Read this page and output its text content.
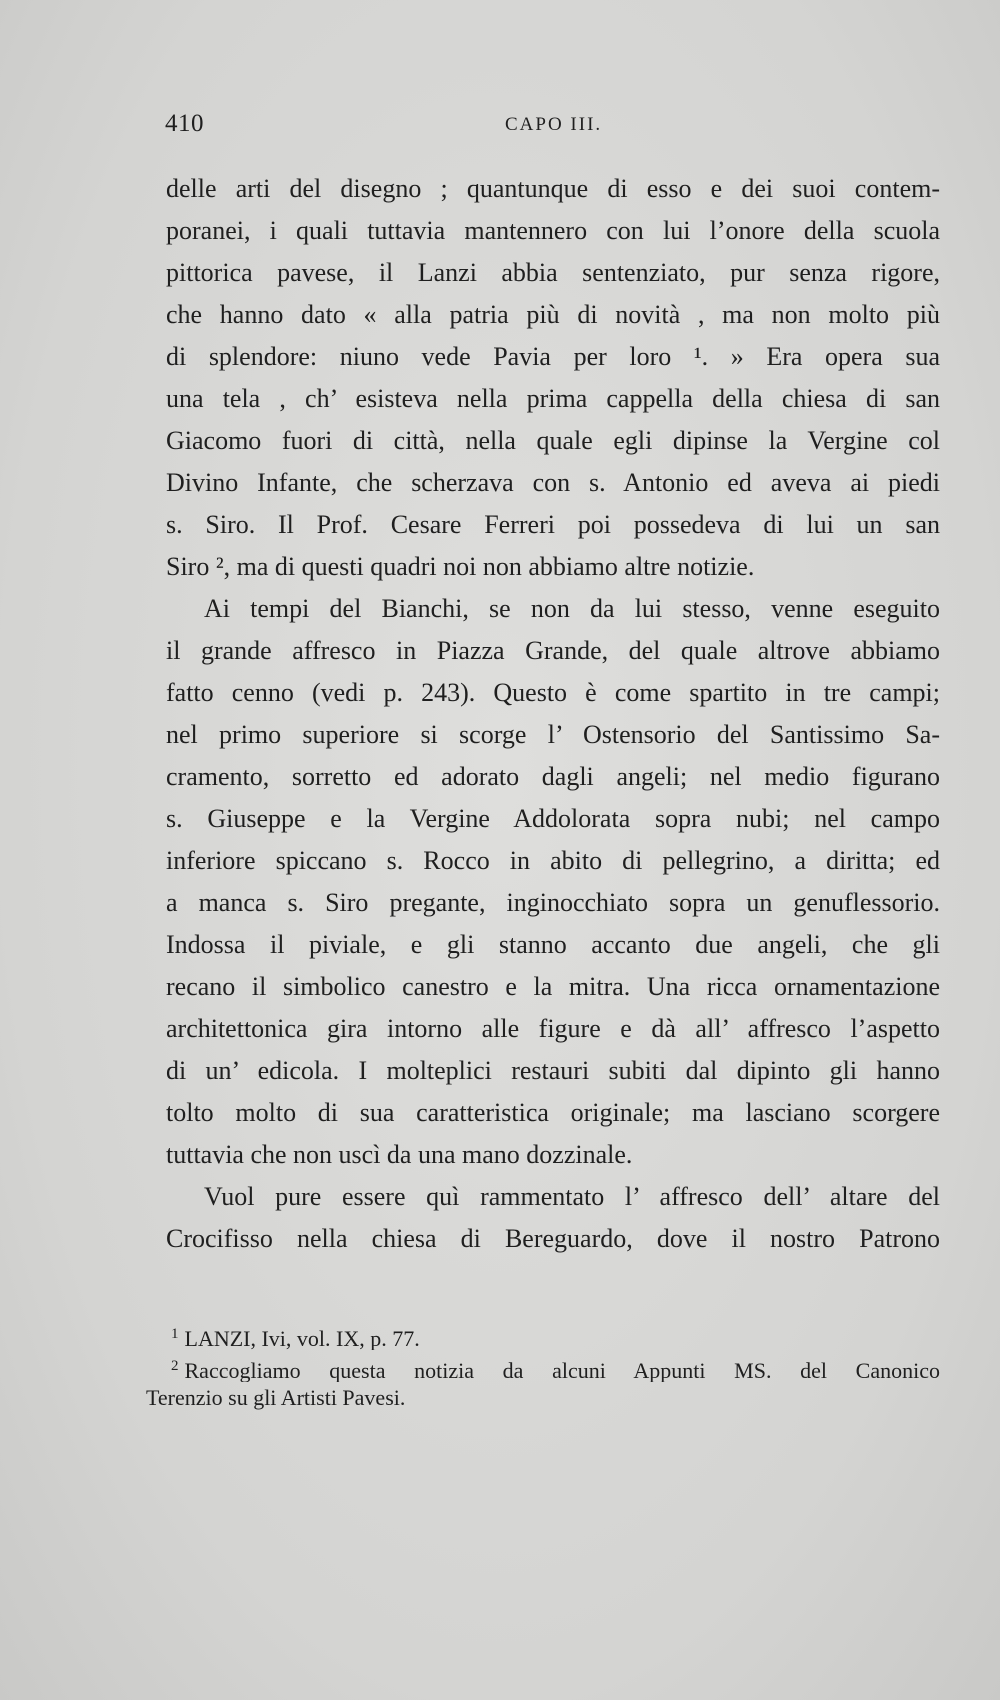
410	CAPO III.
delle arti del disegno ; quantunque di esso e dei suoi contem-
poranei, i quali tuttavia mantennero con lui l’onore della scuola
pittorica pavese, il Lanzi abbia sentenziato, pur senza rigore,
che hanno dato « alla patria più di novità , ma non molto più
di splendore: niuno vede Pavia per loro ¹. » Era opera sua
una tela , ch’ esisteva nella prima cappella della chiesa di san
Giacomo fuori di città, nella quale egli dipinse la Vergine col
Divino Infante, che scherzava con s. Antonio ed aveva ai piedi
s. Siro. Il Prof. Cesare Ferreri poi possedeva di lui un san
Siro ², ma di questi quadri noi non abbiamo altre notizie.
Ai tempi del Bianchi, se non da lui stesso, venne eseguito
il grande affresco in Piazza Grande, del quale altrove abbiamo
fatto cenno (vedi p. 243). Questo è come spartito in tre campi;
nel primo superiore si scorge l’ Ostensorio del Santissimo Sa-
cramento, sorretto ed adorato dagli angeli; nel medio figurano
s. Giuseppe e la Vergine Addolorata sopra nubi; nel campo
inferiore spiccano s. Rocco in abito di pellegrino, a diritta; ed
a manca s. Siro pregante, inginocchiato sopra un genuflessorio.
Indossa il piviale, e gli stanno accanto due angeli, che gli
recano il simbolico canestro e la mitra. Una ricca ornamentazione
architettonica gira intorno alle figure e dà all’ affresco l’aspetto
di un’ edicola. I molteplici restauri subiti dal dipinto gli hanno
tolto molto di sua caratteristica originale; ma lasciano scorgere
tuttavia che non uscì da una mano dozzinale.
Vuol pure essere quì rammentato l’ affresco dell’ altare del
Crocifisso nella chiesa di Bereguardo, dove il nostro Patrono
$^1$ LANZI, Ivi, vol. IX, p. 77.
$^2$ Raccogliamo questa notizia da alcuni Appunti MS. del Canonico
Terenzio su gli Artisti Pavesi.
